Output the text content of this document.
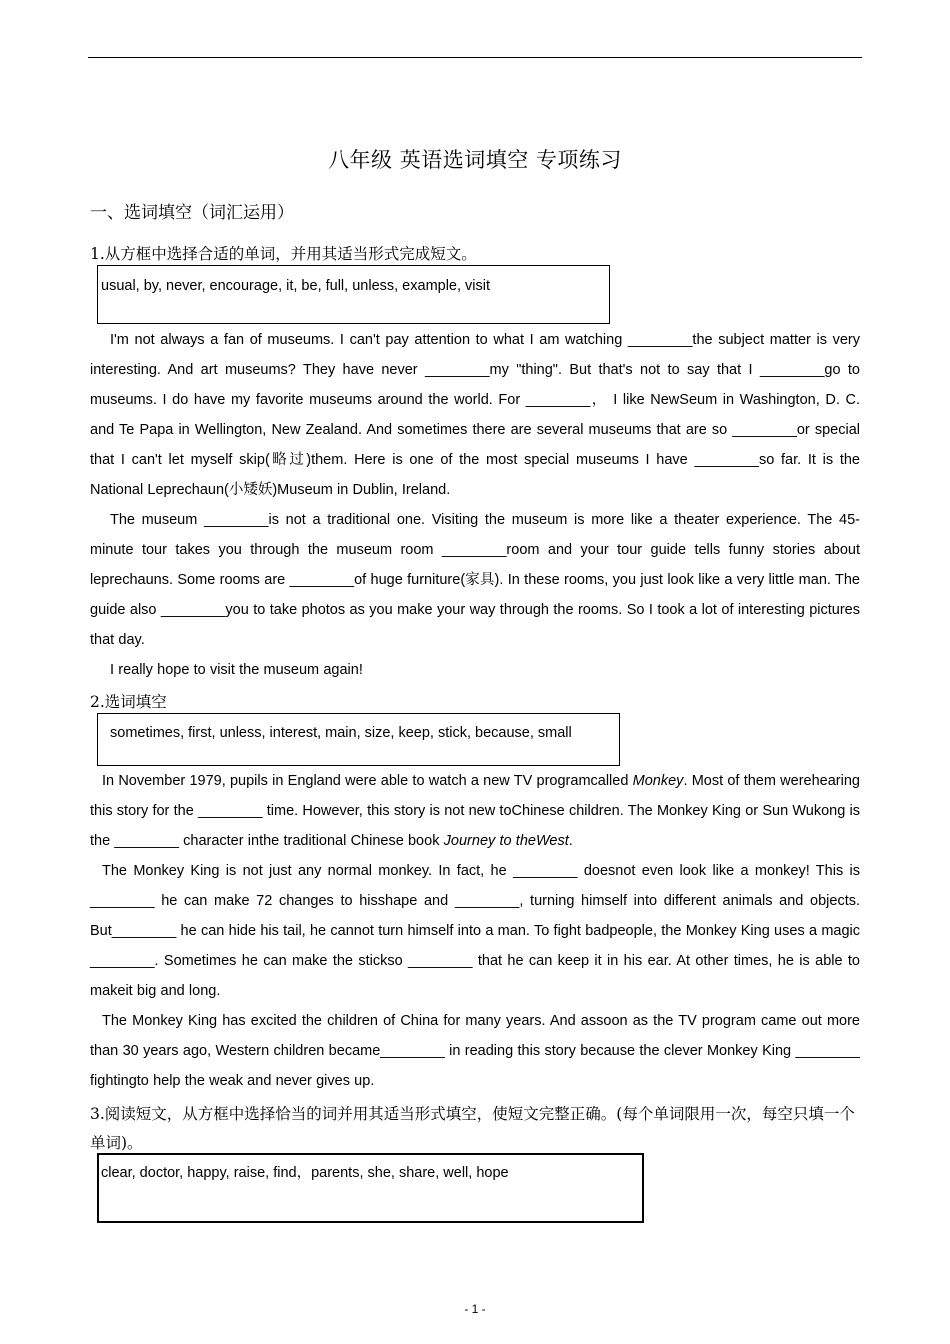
八年级 英语选词填空 专项练习
一、选词填空（词汇运用）
1.从方框中选择合适的单词，并用其适当形式完成短文。
usual, by, never, encourage, it, be, full, unless, example, visit

I'm not always a fan of museums. I can't pay attention to what I am watching ________the subject matter is very interesting. And art museums? They have never ________my "thing". But that's not to say that I ________go to museums. I do have my favorite museums around the world. For ________， I like NewSeum in Washington, D. C. and Te Papa in Wellington, New Zealand. And sometimes there are several museums that are so ________or special that I can't let myself skip(略过)them. Here is one of the most special museums I have ________so far. It is the National Leprechaun(小矮妖)Museum in Dublin, Ireland.

The museum ________is not a traditional one. Visiting the museum is more like a theater experience. The 45-minute tour takes you through the museum room ________room and your tour guide tells funny stories about leprechauns. Some rooms are ________of huge furniture(家具). In these rooms, you just look like a very little man. The guide also ________you to take photos as you make your way through the rooms. So I took a lot of interesting pictures that day.

I really hope to visit the museum again!

2.选词填空
sometimes, first, unless, interest, main, size, keep, stick, because, small

In November 1979, pupils in England were able to watch a new TV programcalled Monkey. Most of them werehearing this story for the ________ time. However, this story is not new toChinese children. The Monkey King or Sun Wukong is the ________ character inthe traditional Chinese book Journey to theWest.

The Monkey King is not just any normal monkey. In fact, he ________ doesnot even look like a monkey! This is ________ he can make 72 changes to hisshape and ________, turning himself into different animals and objects. But________ he can hide his tail, he cannot turn himself into a man. To fight badpeople, the Monkey King uses a magic ________. Sometimes he can make the stickso ________ that he can keep it in his ear. At other times, he is able to makeit big and long.

The Monkey King has excited the children of China for many years. And assoon as the TV program came out more than 30 years ago, Western children became________ in reading this story because the clever Monkey King ________ fightingto help the weak and never gives up.

3.阅读短文，从方框中选择恰当的词并用其适当形式填空，使短文完整正确。(每个单词限用一次，每空只填一个单词)。
clear, doctor, happy, raise, find，parents, she, share, well, hope
- 1 -
